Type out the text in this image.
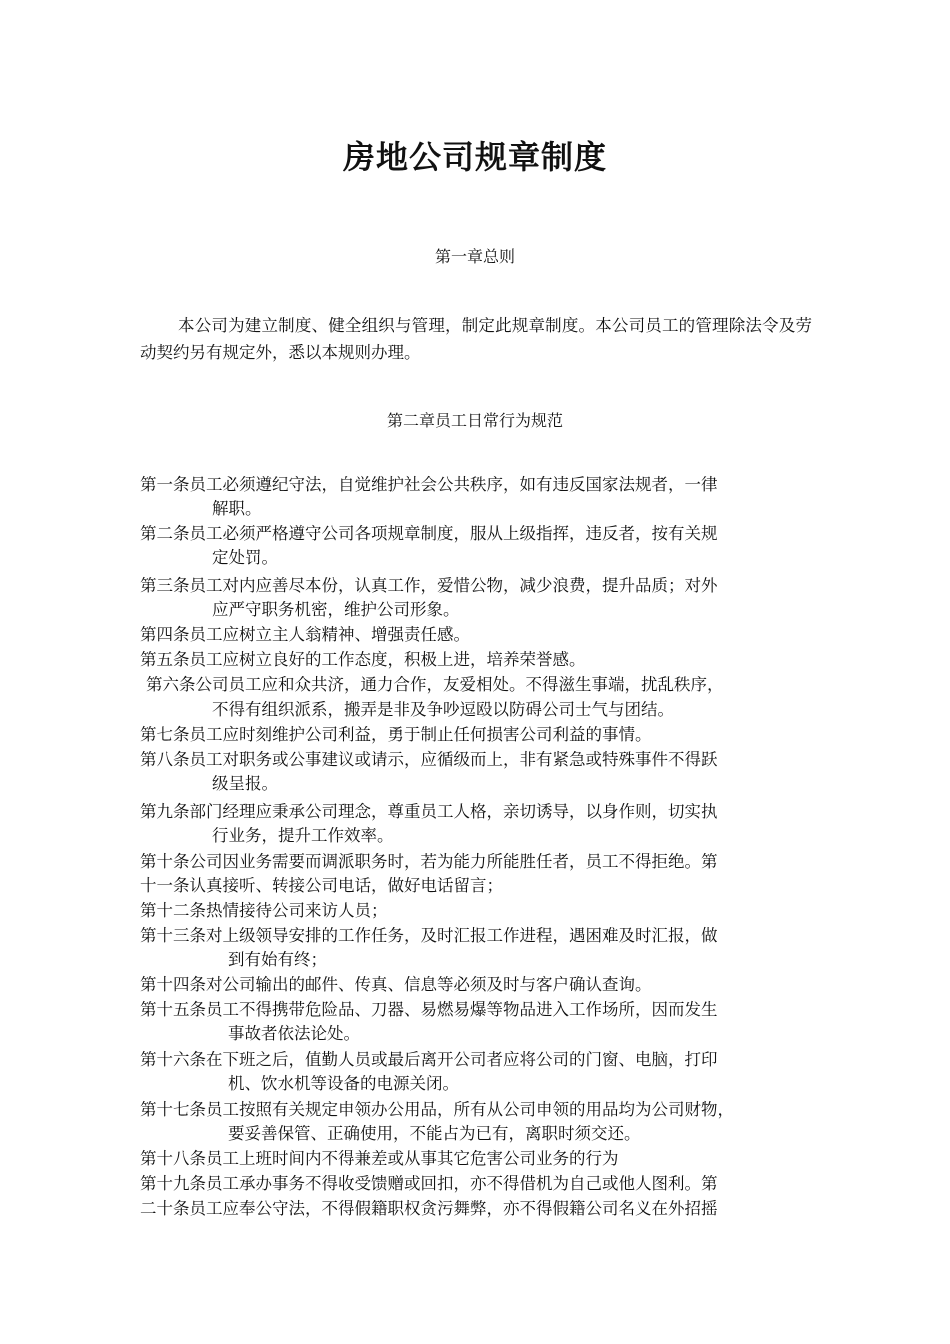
房地公司规章制度

第一章总则

本公司为建立制度、健全组织与管理，制定此规章制度。本公司员工的管理除法令及劳动契约另有规定外，悉以本规则办理。

第二章员工日常行为规范

第一条员工必须遵纪守法，自觉维护社会公共秩序，如有违反国家法规者，一律

解职。

第二条员工必须严格遵守公司各项规章制度，服从上级指挥，违反者，按有关规

定处罚。

第三条员工对内应善尽本份，认真工作，爱惜公物，减少浪费，提升品质；对外

应严守职务机密，维护公司形象。

第四条员工应树立主人翁精神、增强责任感。

第五条员工应树立良好的工作态度，积极上进，培养荣誉感。

第六条公司员工应和众共济，通力合作，友爱相处。不得滋生事端，扰乱秩序，

不得有组织派系，搬弄是非及争吵逗殴以防碍公司士气与团结。

第七条员工应时刻维护公司利益，勇于制止任何损害公司利益的事情。

第八条员工对职务或公事建议或请示，应循级而上，非有紧急或特殊事件不得跃

级呈报。

第九条部门经理应秉承公司理念，尊重员工人格，亲切诱导，以身作则，切实执

行业务，提升工作效率。

第十条公司因业务需要而调派职务时，若为能力所能胜任者，员工不得拒绝。第

十一条认真接听、转接公司电话，做好电话留言；

第十二条热情接待公司来访人员；

第十三条对上级领导安排的工作任务，及时汇报工作进程，遇困难及时汇报，做

到有始有终；

第十四条对公司输出的邮件、传真、信息等必须及时与客户确认查询。

第十五条员工不得携带危险品、刀器、易燃易爆等物品进入工作场所，因而发生

事故者依法论处。

第十六条在下班之后，值勤人员或最后离开公司者应将公司的门窗、电脑，打印

机、饮水机等设备的电源关闭。

第十七条员工按照有关规定申领办公用品，所有从公司申领的用品均为公司财物，

要妥善保管、正确使用，不能占为已有，离职时须交还。

第十八条员工上班时间内不得兼差或从事其它危害公司业务的行为

第十九条员工承办事务不得收受馈赠或回扣，亦不得借机为自己或他人图利。第

二十条员工应奉公守法，不得假籍职权贪污舞弊，亦不得假籍公司名义在外招摇
